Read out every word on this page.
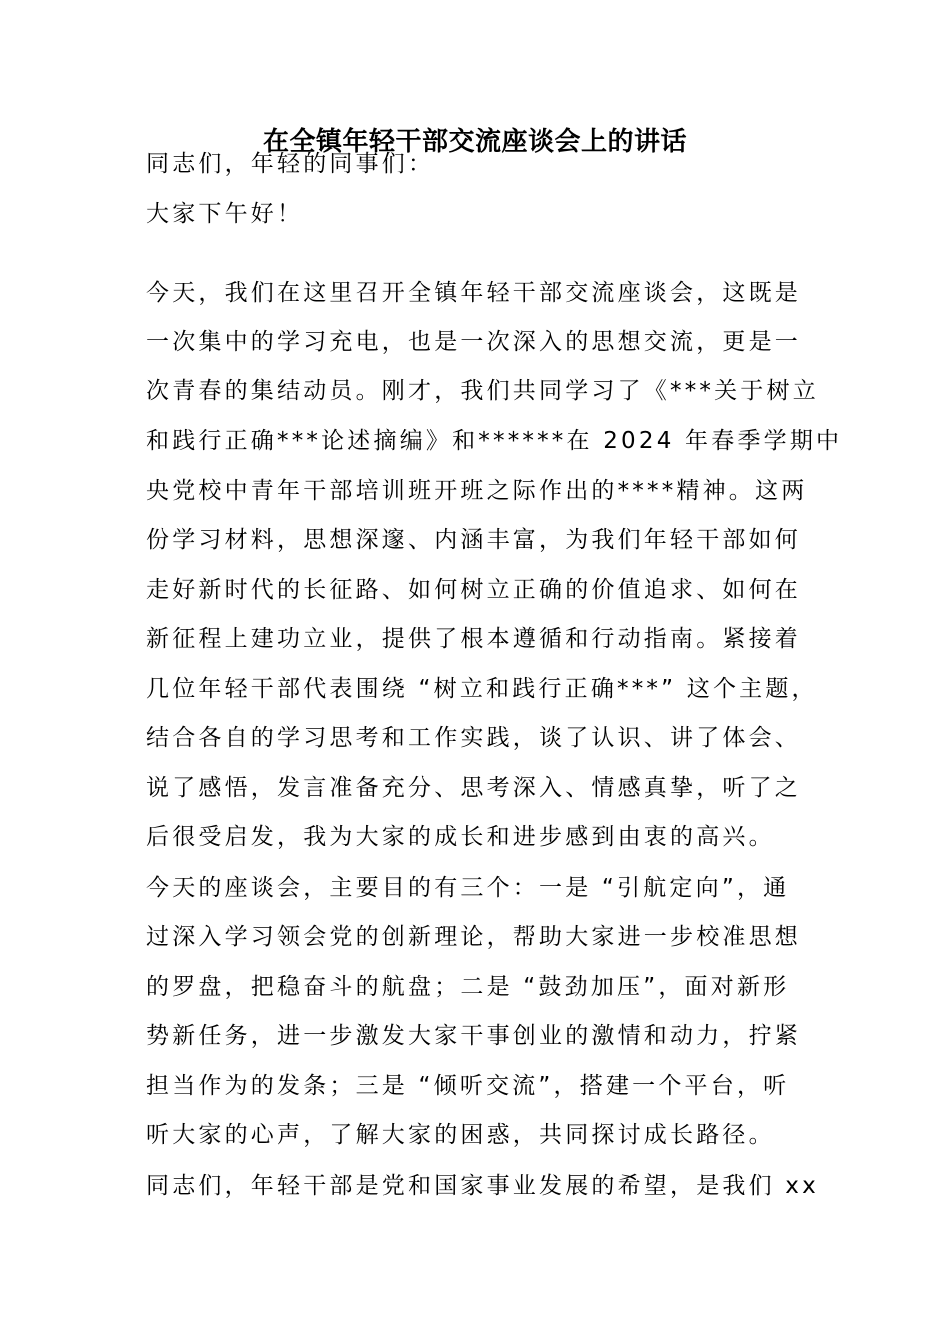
在全镇年轻干部交流座谈会上的讲话
同志们，年轻的同事们：
大家下午好！
今天，我们在这里召开全镇年轻干部交流座谈会，这既是
一次集中的学习充电，也是一次深入的思想交流，更是一
次青春的集结动员。刚才，我们共同学习了《***关于树立
和践行正确***论述摘编》和******在 2024 年春季学期中
央党校中青年干部培训班开班之际作出的****精神。这两
份学习材料，思想深邃、内涵丰富，为我们年轻干部如何
走好新时代的长征路、如何树立正确的价值追求、如何在
新征程上建功立业，提供了根本遵循和行动指南。紧接着
几位年轻干部代表围绕 “树立和践行正确***” 这个主题，
结合各自的学习思考和工作实践，谈了认识、讲了体会、
说了感悟，发言准备充分、思考深入、情感真挚，听了之
后很受启发，我为大家的成长和进步感到由衷的高兴。
今天的座谈会，主要目的有三个：一是 “引航定向”，通
过深入学习领会党的创新理论，帮助大家进一步校准思想
的罗盘，把稳奋斗的航盘；二是 “鼓劲加压”，面对新形
势新任务，进一步激发大家干事创业的激情和动力，拧紧
担当作为的发条；三是 “倾听交流”，搭建一个平台，听
听大家的心声，了解大家的困惑，共同探讨成长路径。
同志们，年轻干部是党和国家事业发展的希望，是我们 xx
